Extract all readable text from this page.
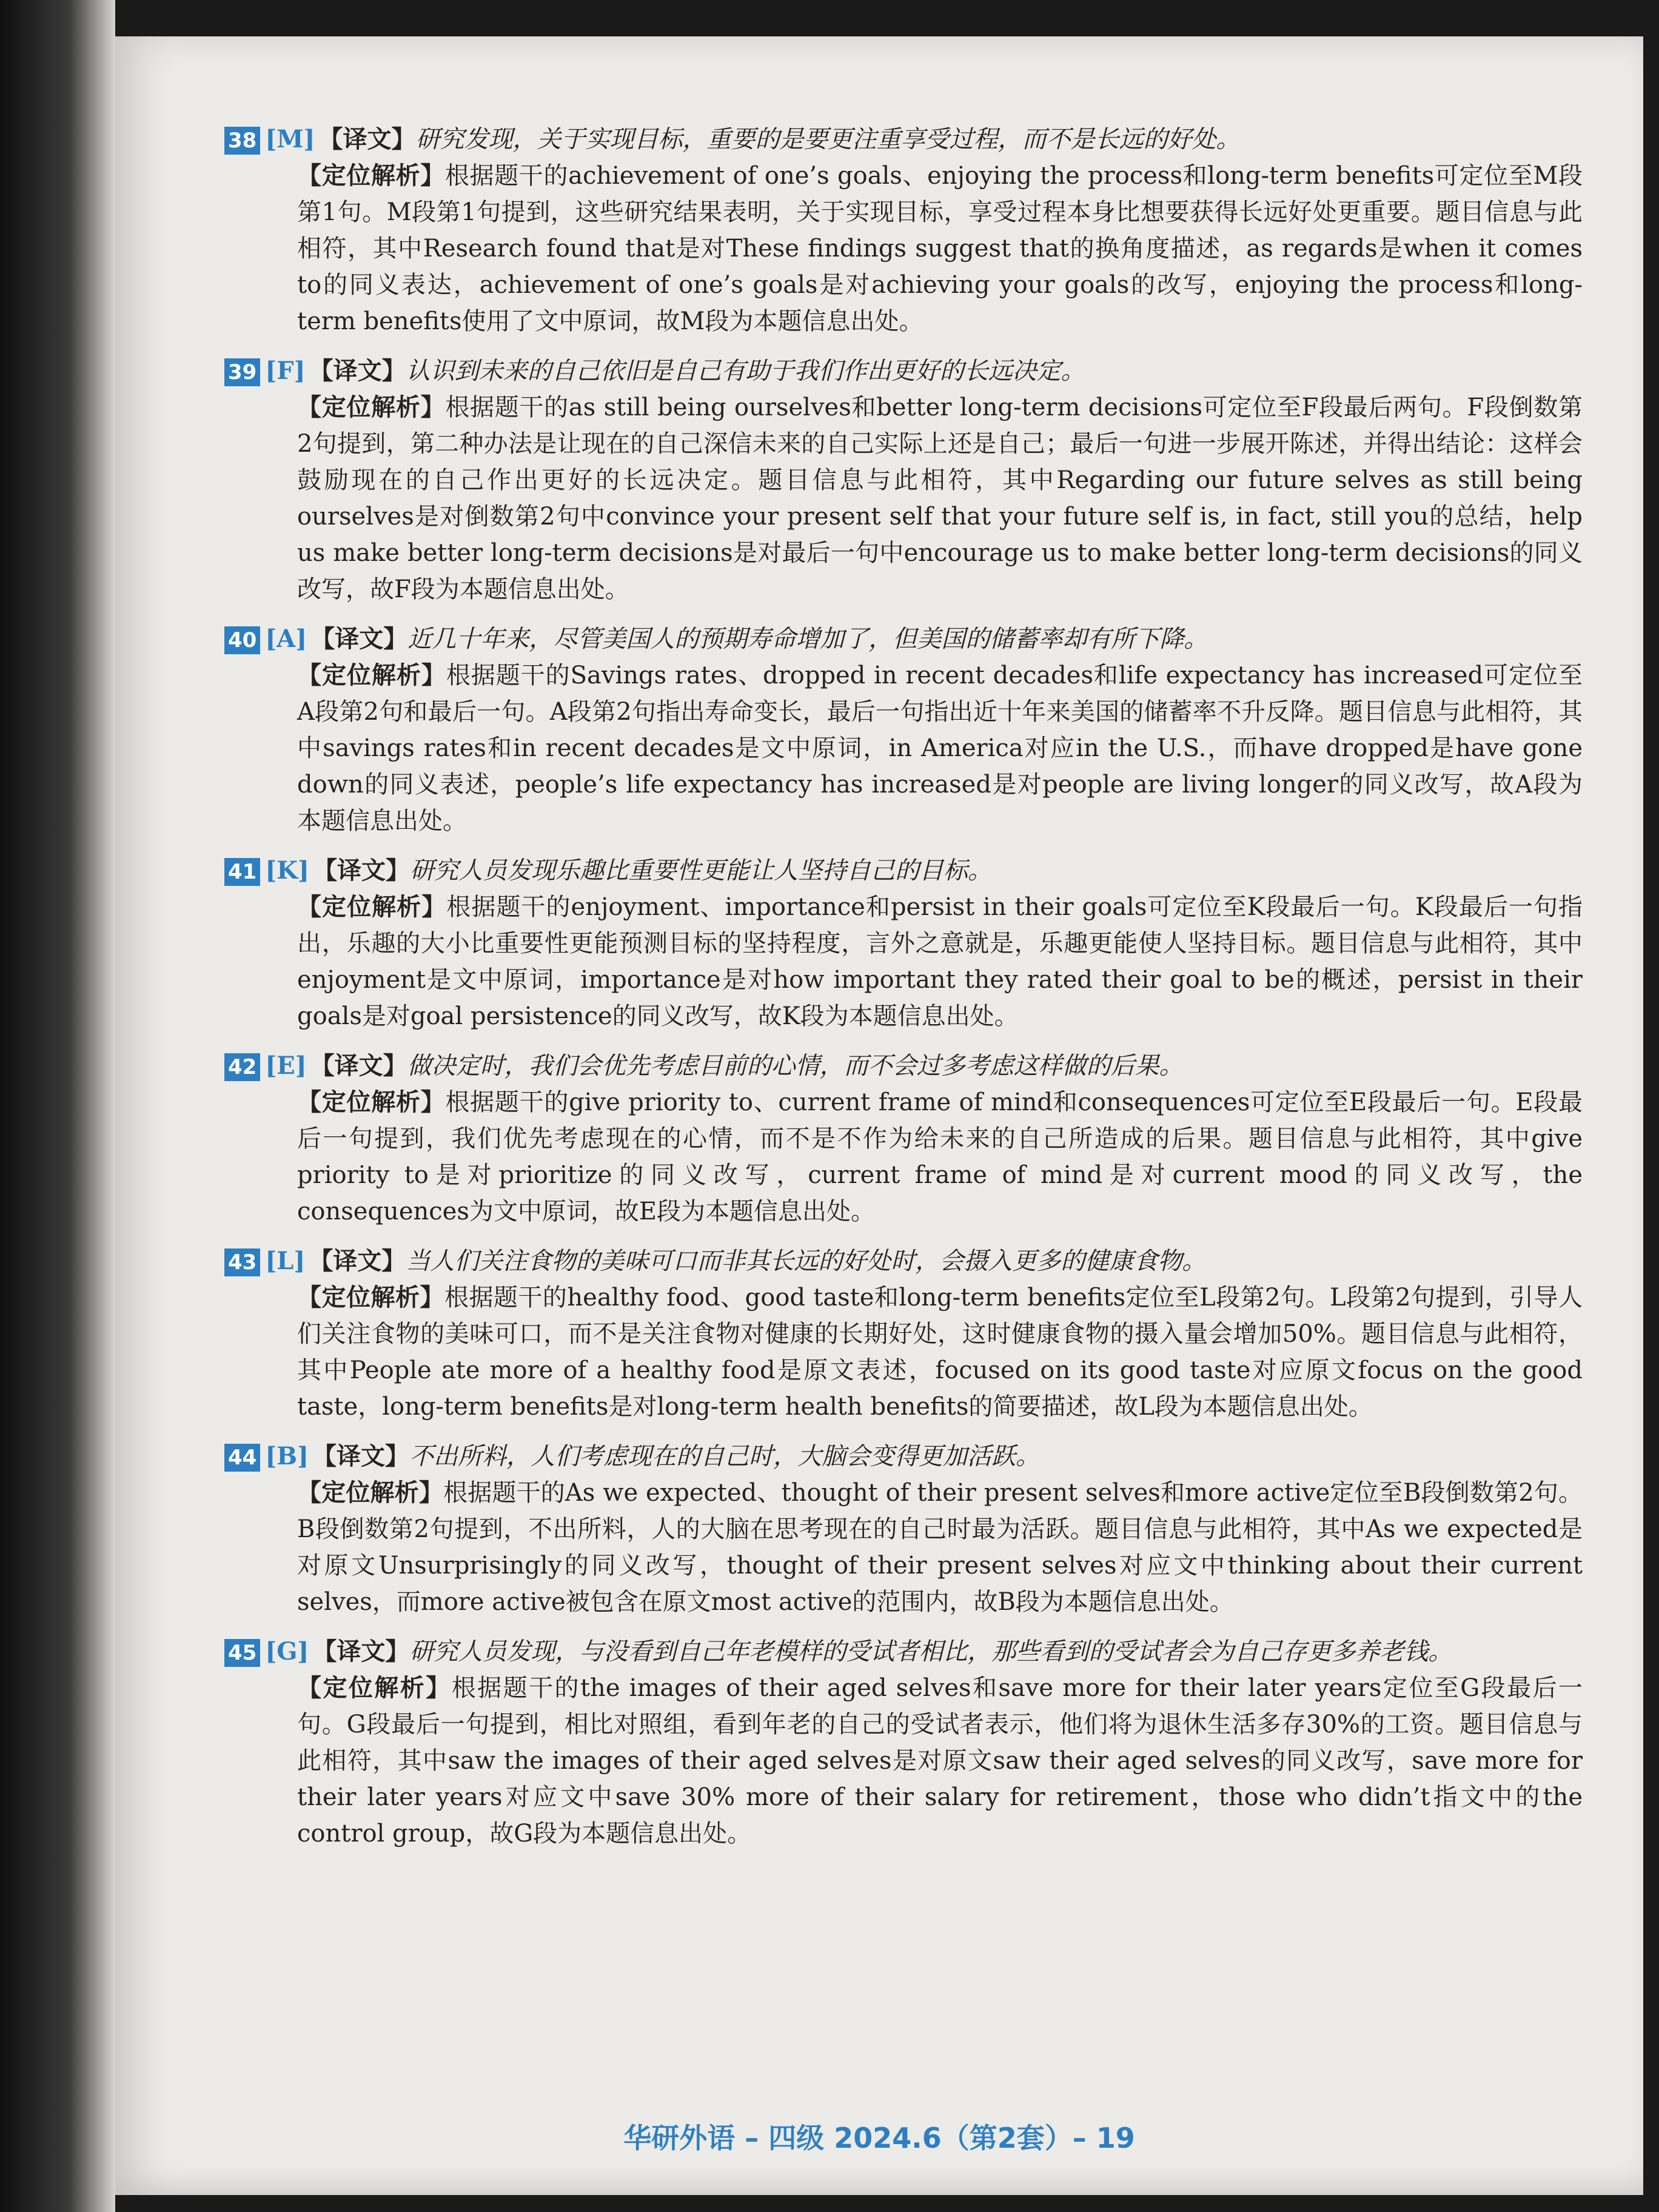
38 [M] 【译文】研究发现，关于实现目标，重要的是要更注重享受过程，而不是长远的好处。
【定位解析】根据题干的achievement of one’s goals、enjoying the process和long-term benefits可定位至M段第1句。M段第1句提到，这些研究结果表明，关于实现目标，享受过程本身比想要获得长远好处更重要。题目信息与此相符，其中Research found that是对These findings suggest that的换角度描述，as regards是when it comes to的同义表达，achievement of one’s goals是对achieving your goals的改写，enjoying the process和long-term benefits使用了文中原词，故M段为本题信息出处。
39 [F] 【译文】认识到未来的自己依旧是自己有助于我们作出更好的长远决定。
【定位解析】根据题干的as still being ourselves和better long-term decisions可定位至F段最后两句。F段倒数第2句提到，第二种办法是让现在的自己深信未来的自己实际上还是自己；最后一句进一步展开陈述，并得出结论：这样会鼓励现在的自己作出更好的长远决定。题目信息与此相符，其中Regarding our future selves as still being ourselves是对倒数第2句中convince your present self that your future self is, in fact, still you的总结，help us make better long-term decisions是对最后一句中encourage us to make better long-term decisions的同义改写，故F段为本题信息出处。
40 [A] 【译文】近几十年来，尽管美国人的预期寿命增加了，但美国的储蓄率却有所下降。
【定位解析】根据题干的Savings rates、dropped in recent decades和life expectancy has increased可定位至A段第2句和最后一句。A段第2句指出寿命变长，最后一句指出近十年来美国的储蓄率不升反降。题目信息与此相符，其中savings rates和in recent decades是文中原词，in America对应in the U.S.，而have dropped是have gone down的同义表述，people’s life expectancy has increased是对people are living longer的同义改写，故A段为本题信息出处。
41 [K] 【译文】研究人员发现乐趣比重要性更能让人坚持自己的目标。
【定位解析】根据题干的enjoyment、importance和persist in their goals可定位至K段最后一句。K段最后一句指出，乐趣的大小比重要性更能预测目标的坚持程度，言外之意就是，乐趣更能使人坚持目标。题目信息与此相符，其中enjoyment是文中原词，importance是对how important they rated their goal to be的概述，persist in their goals是对goal persistence的同义改写，故K段为本题信息出处。
42 [E] 【译文】做决定时，我们会优先考虑目前的心情，而不会过多考虑这样做的后果。
【定位解析】根据题干的give priority to、current frame of mind和consequences可定位至E段最后一句。E段最后一句提到，我们优先考虑现在的心情，而不是不作为给未来的自己所造成的后果。题目信息与此相符，其中give priority to是对prioritize的同义改写，current frame of mind是对current mood的同义改写，the consequences为文中原词，故E段为本题信息出处。
43 [L] 【译文】当人们关注食物的美味可口而非其长远的好处时，会摄入更多的健康食物。
【定位解析】根据题干的healthy food、good taste和long-term benefits定位至L段第2句。L段第2句提到，引导人们关注食物的美味可口，而不是关注食物对健康的长期好处，这时健康食物的摄入量会增加50%。题目信息与此相符，其中People ate more of a healthy food是原文表述，focused on its good taste对应原文focus on the good taste，long-term benefits是对long-term health benefits的简要描述，故L段为本题信息出处。
44 [B] 【译文】不出所料，人们考虑现在的自己时，大脑会变得更加活跃。
【定位解析】根据题干的As we expected、thought of their present selves和more active定位至B段倒数第2句。B段倒数第2句提到，不出所料，人的大脑在思考现在的自己时最为活跃。题目信息与此相符，其中As we expected是对原文Unsurprisingly的同义改写，thought of their present selves对应文中thinking about their current selves，而more active被包含在原文most active的范围内，故B段为本题信息出处。
45 [G] 【译文】研究人员发现，与没看到自己年老模样的受试者相比，那些看到的受试者会为自己存更多养老钱。
【定位解析】根据题干的the images of their aged selves和save more for their later years定位至G段最后一句。G段最后一句提到，相比对照组，看到年老的自己的受试者表示，他们将为退休生活多存30%的工资。题目信息与此相符，其中saw the images of their aged selves是对原文saw their aged selves的同义改写，save more for their later years对应文中save 30% more of their salary for retirement，those who didn’t指文中的the control group，故G段为本题信息出处。
华研外语 – 四级 2024.6（第2套）– 19
